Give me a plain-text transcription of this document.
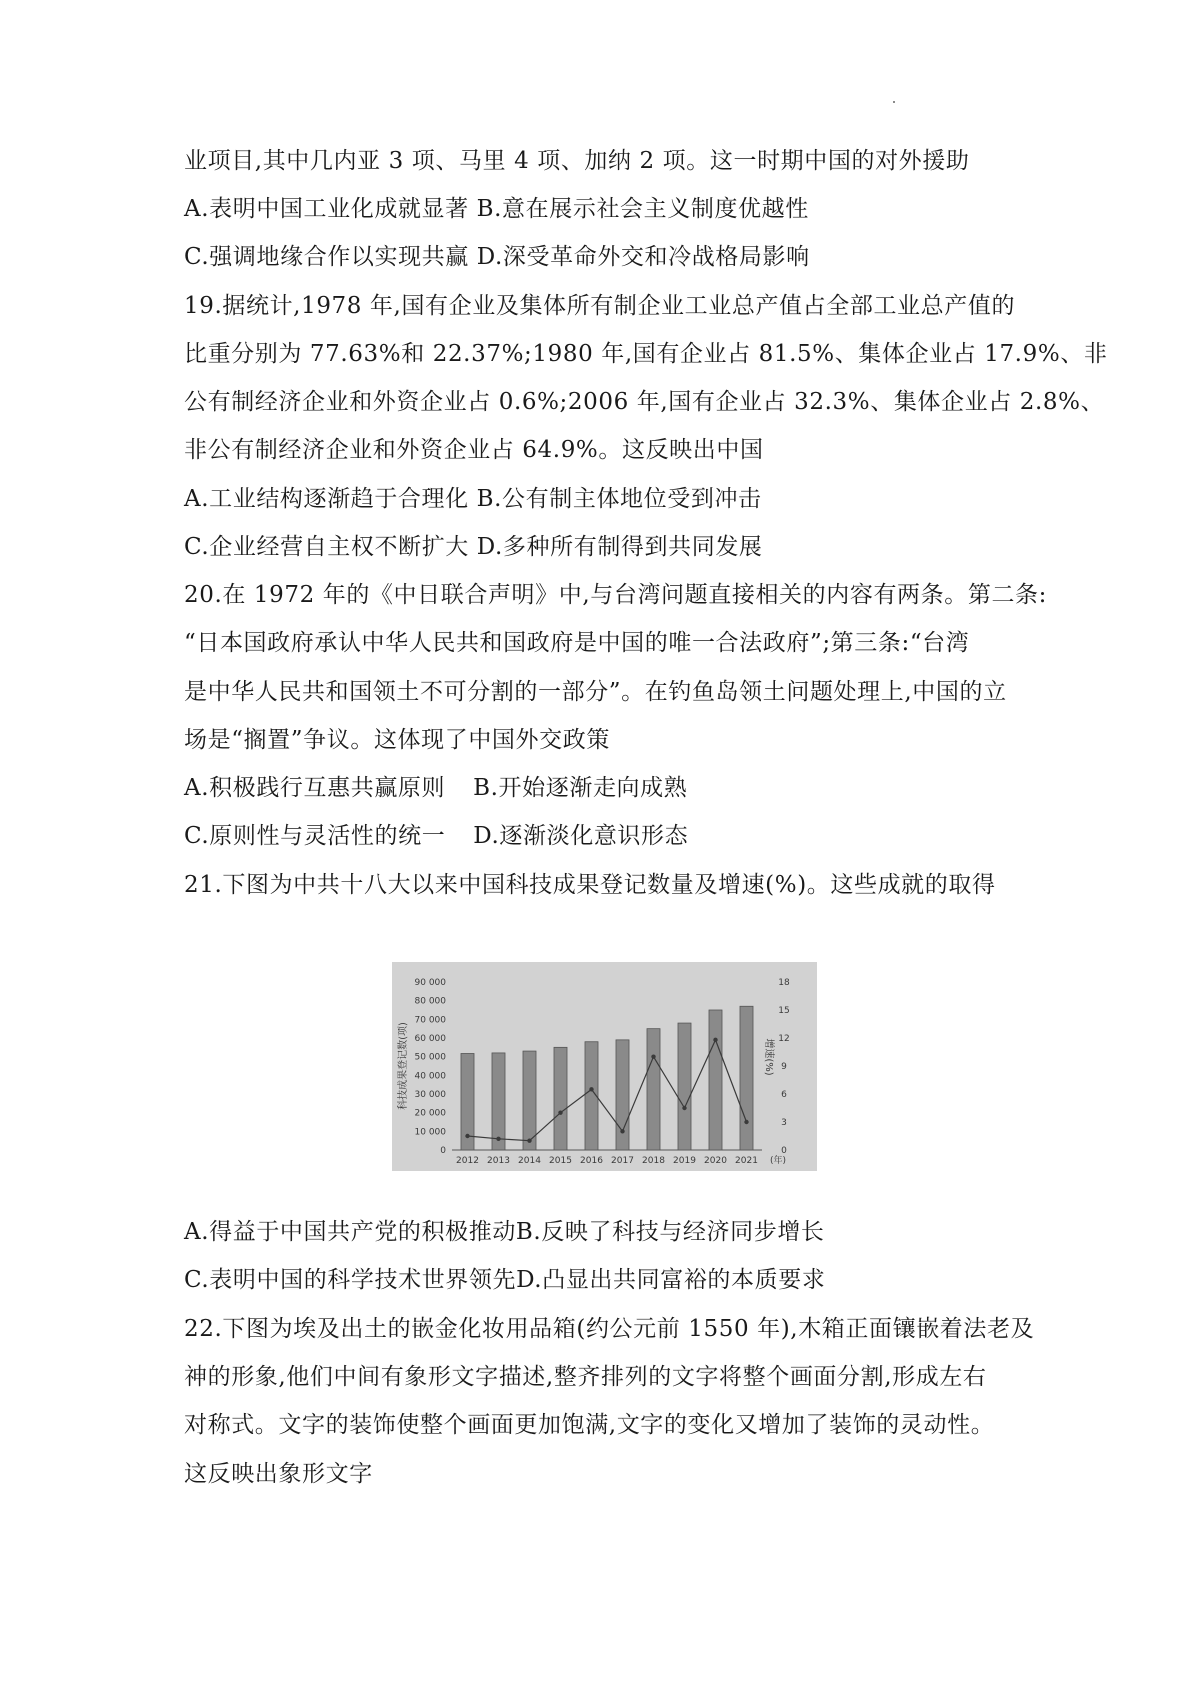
业项目,其中几内亚 3 项、马里 4 项、加纳 2 项。这一时期中国的对外援助
A.表明中国工业化成就显著 B.意在展示社会主义制度优越性
C.强调地缘合作以实现共赢 D.深受革命外交和冷战格局影响
19.据统计,1978 年,国有企业及集体所有制企业工业总产值占全部工业总产值的
比重分别为 77.63%和 22.37%;1980 年,国有企业占 81.5%、集体企业占 17.9%、非
公有制经济企业和外资企业占 0.6%;2006 年,国有企业占 32.3%、集体企业占 2.8%、
非公有制经济企业和外资企业占 64.9%。这反映出中国
A.工业结构逐渐趋于合理化 B.公有制主体地位受到冲击
C.企业经营自主权不断扩大 D.多种所有制得到共同发展
20.在 1972 年的《中日联合声明》中,与台湾问题直接相关的内容有两条。第二条:
“日本国政府承认中华人民共和国政府是中国的唯一合法政府”;第三条:“台湾
是中华人民共和国领土不可分割的一部分”。在钓鱼岛领土问题处理上,中国的立
场是“搁置”争议。这体现了中国外交政策
A.积极践行互惠共赢原则 B.开始逐渐走向成熟
C.原则性与灵活性的统一 D.逐渐淡化意识形态
21.下图为中共十八大以来中国科技成果登记数量及增速(%)。这些成就的取得
0
10 000
20 000
30 000
40 000
50 000
60 000
70 000
80 000
90 000
0
3
6
9
12
15
18
2012 2013 2014 2015 2016 2017 2018 2019 2020 2021 (年)
科技成果登记数(项)	增速(%)
A.得益于中国共产党的积极推动B.反映了科技与经济同步增长
C.表明中国的科学技术世界领先D.凸显出共同富裕的本质要求
22.下图为埃及出土的嵌金化妆用品箱(约公元前 1550 年),木箱正面镶嵌着法老及
神的形象,他们中间有象形文字描述,整齐排列的文字将整个画面分割,形成左右
对称式。文字的装饰使整个画面更加饱满,文字的变化又增加了装饰的灵动性。
这反映出象形文字
